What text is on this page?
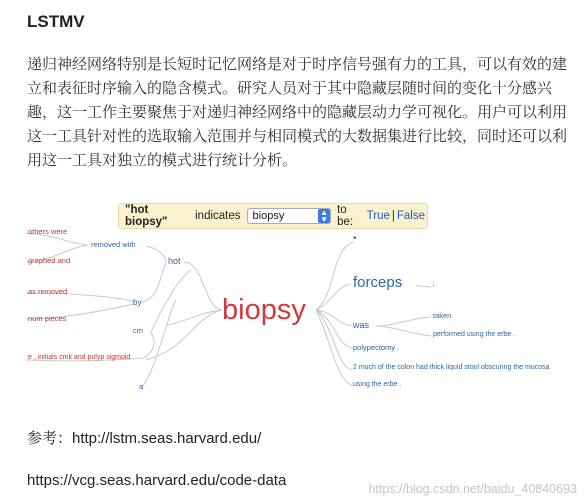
LSTMV
递归神经网络特别是长短时记忆网络是对于时序信号强有力的工具，可以有效的建立和表征时序输入的隐含模式。研究人员对于其中隐藏层随时间的变化十分感兴趣，这一工作主要聚焦于对递归神经网络中的隐藏层动力学可视化。用户可以利用这一工具针对性的选取输入范围并与相同模式的大数据集进行比较，同时还可以利用这一工具对独立的模式进行统计分析。
"hot biopsy"	indicates biopsy	▲
▼
to be:	True | False
others were
removed with
graphed and	hot
as removed
by
num pieces
cm
e , initials cmk and polyp sigmoid
a
biopsy
•
forceps	.
taken
was
performed using the erbe .
polypectomy .
2 much of the colon had thick liquid stool obscuring the mucosa
using the erbe .
参考：http://lstm.seas.harvard.edu/
https://vcg.seas.harvard.edu/code-data	https://blog.csdn.net/baidu_40840693
